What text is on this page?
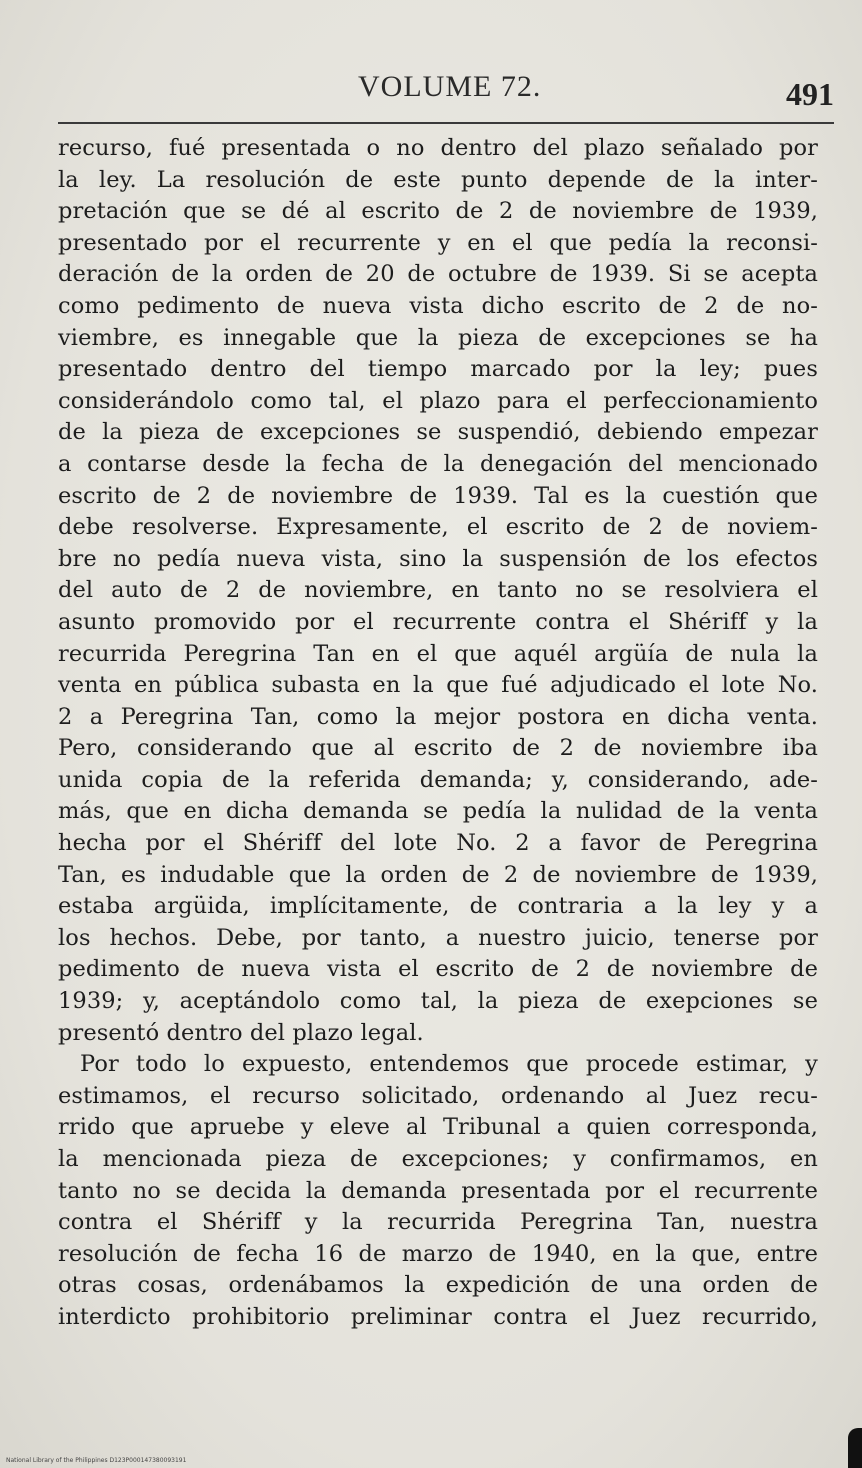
VOLUME 72.	491
recurso, fué presentada o no dentro del plazo señalado por
la ley. La resolución de este punto depende de la inter-
pretación que se dé al escrito de 2 de noviembre de 1939,
presentado por el recurrente y en el que pedía la reconsi-
deración de la orden de 20 de octubre de 1939. Si se acepta
como pedimento de nueva vista dicho escrito de 2 de no-
viembre, es innegable que la pieza de excepciones se ha
presentado dentro del tiempo marcado por la ley; pues
considerándolo como tal, el plazo para el perfeccionamiento
de la pieza de excepciones se suspendió, debiendo empezar
a contarse desde la fecha de la denegación del mencionado
escrito de 2 de noviembre de 1939. Tal es la cuestión que
debe resolverse. Expresamente, el escrito de 2 de noviem-
bre no pedía nueva vista, sino la suspensión de los efectos
del auto de 2 de noviembre, en tanto no se resolviera el
asunto promovido por el recurrente contra el Shériff y la
recurrida Peregrina Tan en el que aquél argüía de nula la
venta en pública subasta en la que fué adjudicado el lote No.
2 a Peregrina Tan, como la mejor postora en dicha venta.
Pero, considerando que al escrito de 2 de noviembre iba
unida copia de la referida demanda; y, considerando, ade-
más, que en dicha demanda se pedía la nulidad de la venta
hecha por el Shériff del lote No. 2 a favor de Peregrina
Tan, es indudable que la orden de 2 de noviembre de 1939,
estaba argüida, implícitamente, de contraria a la ley y a
los hechos. Debe, por tanto, a nuestro juicio, tenerse por
pedimento de nueva vista el escrito de 2 de noviembre de
1939; y, aceptándolo como tal, la pieza de exepciones se
presentó dentro del plazo legal.
Por todo lo expuesto, entendemos que procede estimar, y
estimamos, el recurso solicitado, ordenando al Juez recu-
rrido que apruebe y eleve al Tribunal a quien corresponda,
la mencionada pieza de excepciones; y confirmamos, en
tanto no se decida la demanda presentada por el recurrente
contra el Shériff y la recurrida Peregrina Tan, nuestra
resolución de fecha 16 de marzo de 1940, en la que, entre
otras cosas, ordenábamos la expedición de una orden de
interdicto prohibitorio preliminar contra el Juez recurrido,
National Library of the Philippines D123P000147380093191
